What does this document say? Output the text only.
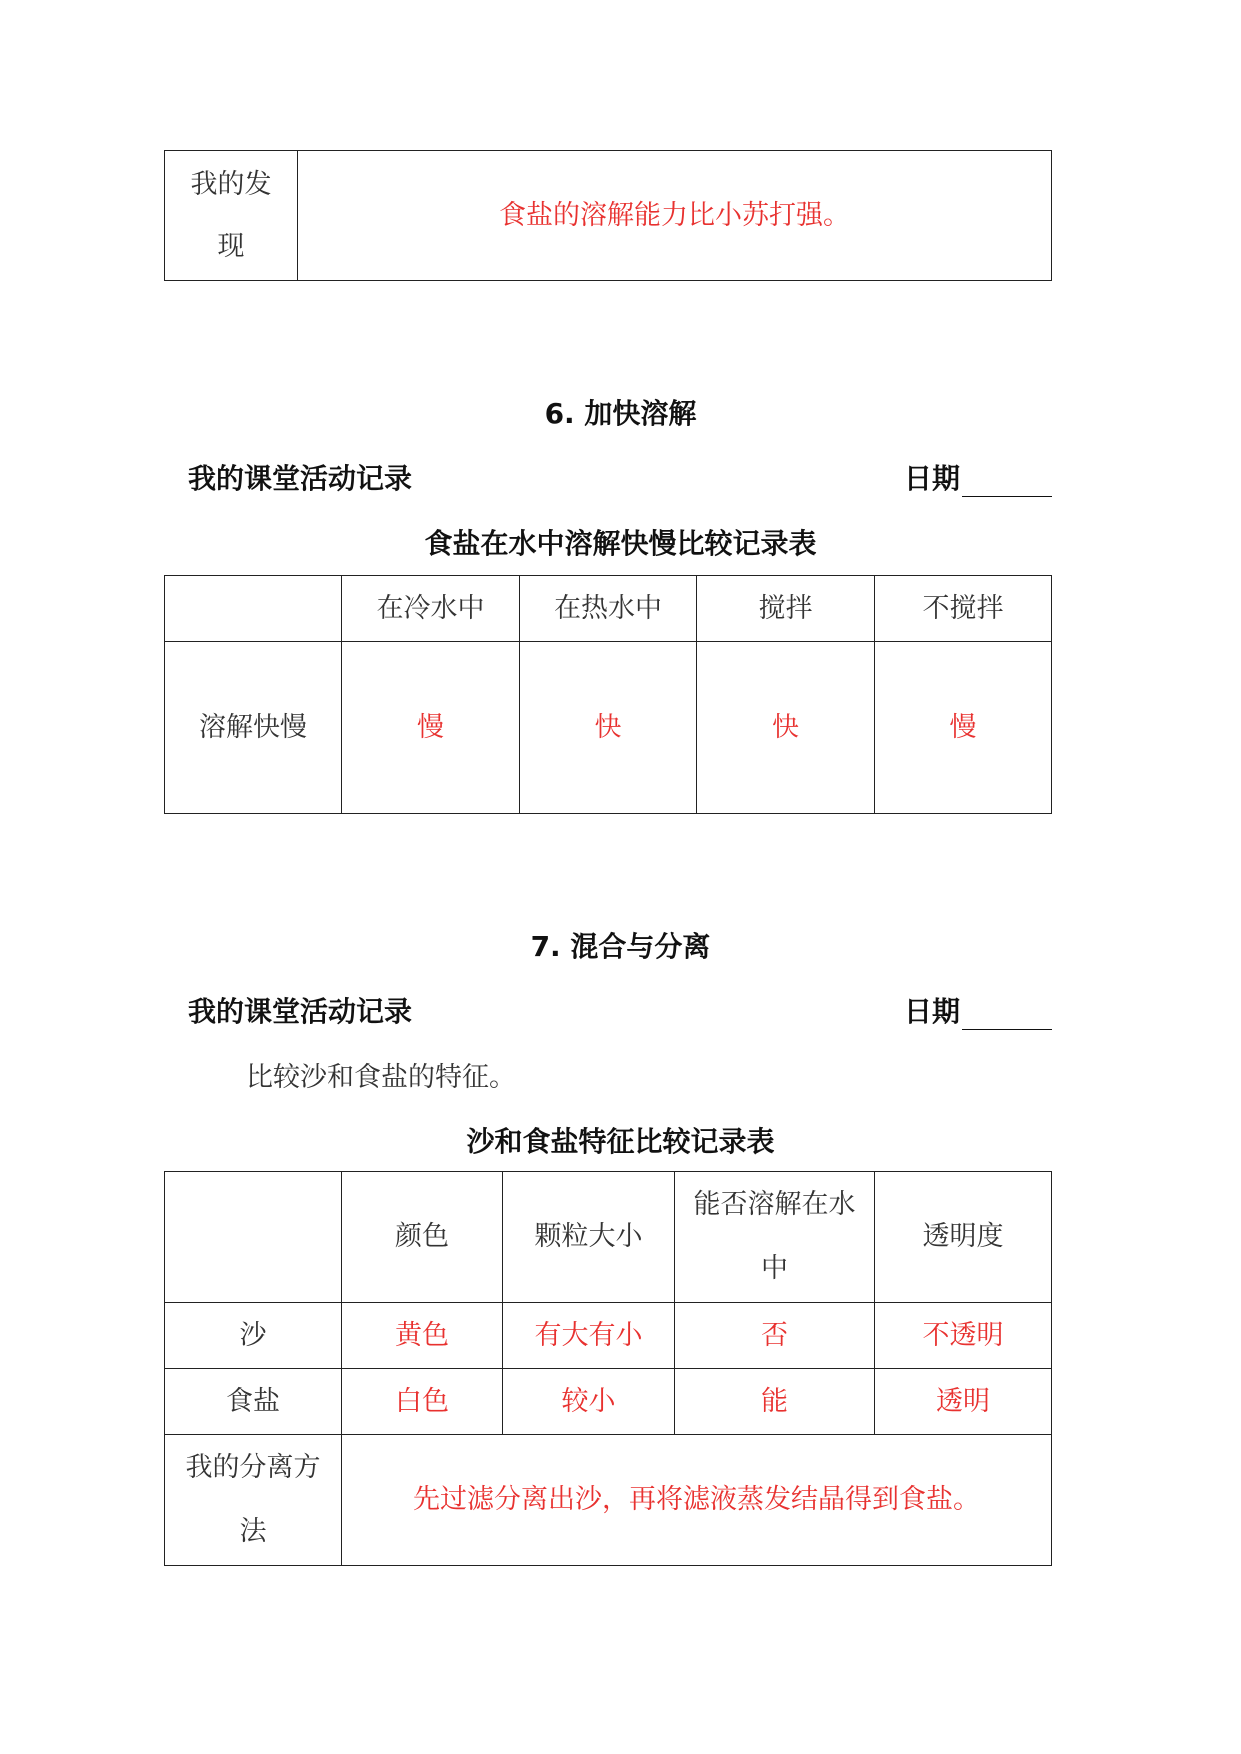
我的发现	食盐的溶解能力比小苏打强。
6. 加快溶解
我的课堂活动记录	日期
食盐在水中溶解快慢比较记录表
	在冷水中	在热水中	搅拌	不搅拌
溶解快慢	慢	快	快	慢
7. 混合与分离
我的课堂活动记录	日期
比较沙和食盐的特征。
沙和食盐特征比较记录表
	颜色	颗粒大小	能否溶解在水中	透明度
沙	黄色	有大有小	否	不透明
食盐	白色	较小	能	透明
我的分离方法	先过滤分离出沙，再将滤液蒸发结晶得到食盐。			
